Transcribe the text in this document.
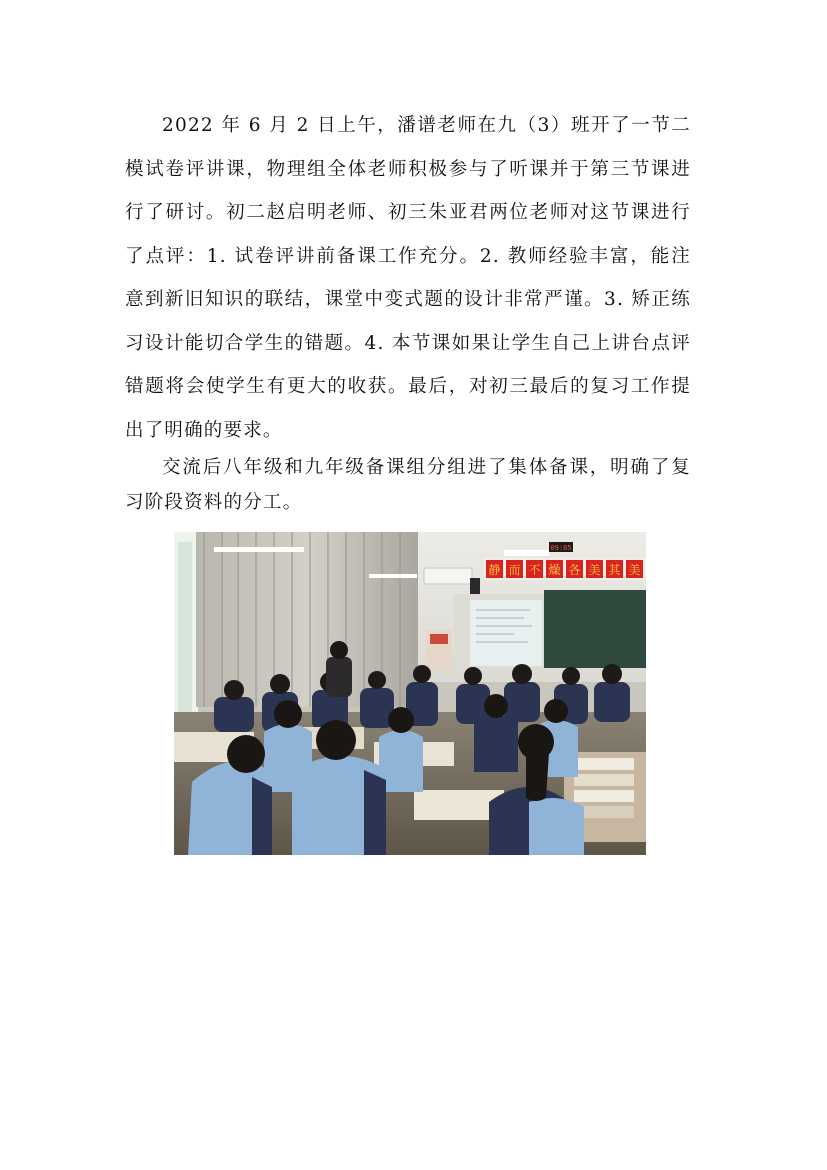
2022 年 6 月 2 日上午，潘谱老师在九（3）班开了一节二模试卷评讲课，物理组全体老师积极参与了听课并于第三节课进行了研讨。初二赵启明老师、初三朱亚君两位老师对这节课进行了点评：1. 试卷评讲前备课工作充分。2. 教师经验丰富，能注意到新旧知识的联结，课堂中变式题的设计非常严谨。3. 矫正练习设计能切合学生的错题。4. 本节课如果让学生自己上讲台点评错题将会使学生有更大的收获。最后，对初三最后的复习工作提出了明确的要求。

交流后八年级和九年级备课组分组进了集体备课，明确了复习阶段资料的分工。

09:05
静 而 不 燥 各 美 其 美
